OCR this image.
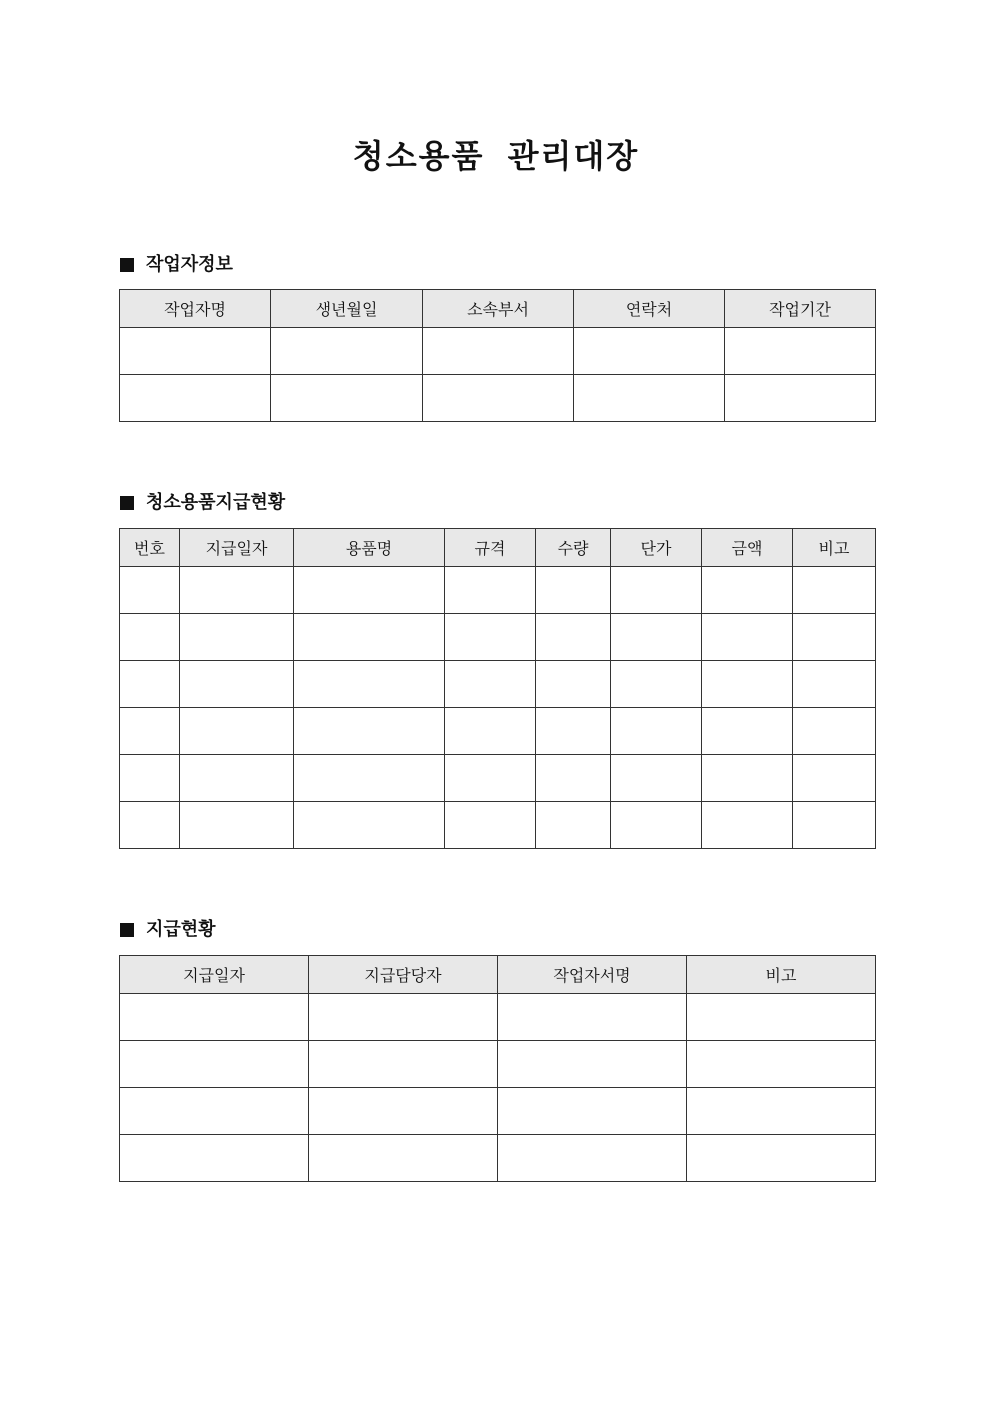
청소용품 관리대장
작업자정보
작업자명	생년월일	소속부서	연락처	작업기간

청소용품지급현황
번호	지급일자	용품명	규격	수량	단가	금액	비고

지급현황
지급일자	지급담당자	작업자서명	비고
